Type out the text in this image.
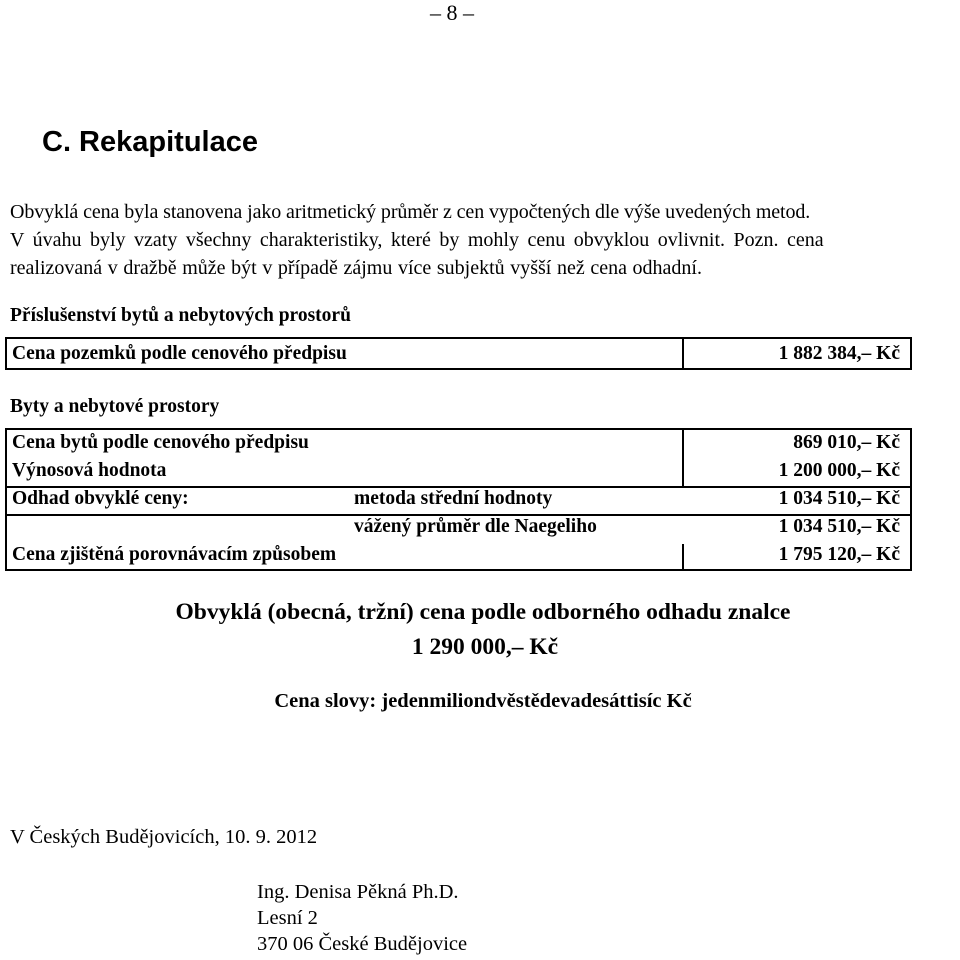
– 8 –
C. Rekapitulace
Obvyklá cena byla stanovena jako aritmetický průměr z cen vypočtených dle výše uvedených metod.
V úvahu byly vzaty všechny charakteristiky, které by mohly cenu obvyklou ovlivnit. Pozn. cena
realizovaná v dražbě může být v případě zájmu více subjektů vyšší než cena odhadní.
Příslušenství bytů a nebytových prostorů
Cena pozemků podle cenového předpisu	1 882 384,– Kč
Byty a nebytové prostory
Cena bytů podle cenového předpisu	869 010,– Kč
Výnosová hodnota	1 200 000,– Kč
Odhad obvyklé ceny:	metoda střední hodnoty	1 034 510,– Kč
vážený průměr dle Naegeliho	1 034 510,– Kč
Cena zjištěná porovnávacím způsobem	1 795 120,– Kč
Obvyklá (obecná, tržní) cena podle odborného odhadu znalce
1 290 000,– Kč
Cena slovy: jedenmiliondvěstědevadesáttisíc Kč
V Českých Budějovicích, 10. 9. 2012
Ing. Denisa Pěkná Ph.D.
Lesní 2
370 06 České Budějovice
